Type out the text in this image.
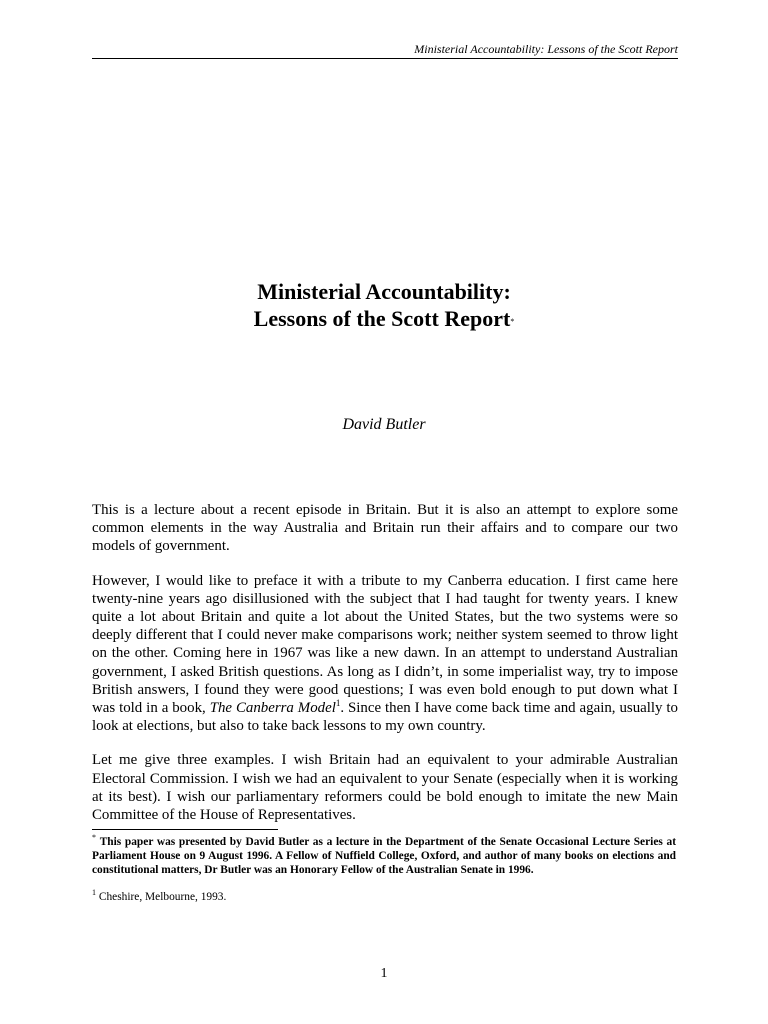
Ministerial Accountability: Lessons of the Scott Report
Ministerial Accountability:
Lessons of the Scott Report*
David Butler

This is a lecture about a recent episode in Britain. But it is also an attempt to explore some common elements in the way Australia and Britain run their affairs and to compare our two models of government.

However, I would like to preface it with a tribute to my Canberra education. I first came here twenty-nine years ago disillusioned with the subject that I had taught for twenty years. I knew quite a lot about Britain and quite a lot about the United States, but the two systems were so deeply different that I could never make comparisons work; neither system seemed to throw light on the other. Coming here in 1967 was like a new dawn. In an attempt to understand Australian government, I asked British questions. As long as I didn’t, in some imperialist way, try to impose British answers, I found they were good questions; I was even bold enough to put down what I was told in a book, The Canberra Model$^1$. Since then I have come back time and again, usually to look at elections, but also to take back lessons to my own country.

Let me give three examples. I wish Britain had an equivalent to your admirable Australian Electoral Commission. I wish we had an equivalent to your Senate (especially when it is working at its best). I wish our parliamentary reformers could be bold enough to imitate the new Main Committee of the House of Representatives.

* This paper was presented by David Butler as a lecture in the Department of the Senate Occasional Lecture Series at Parliament House on 9 August 1996. A Fellow of Nuffield College, Oxford, and author of many books on elections and constitutional matters, Dr Butler was an Honorary Fellow of the Australian Senate in 1996.

$^1$ Cheshire, Melbourne, 1993.

1
